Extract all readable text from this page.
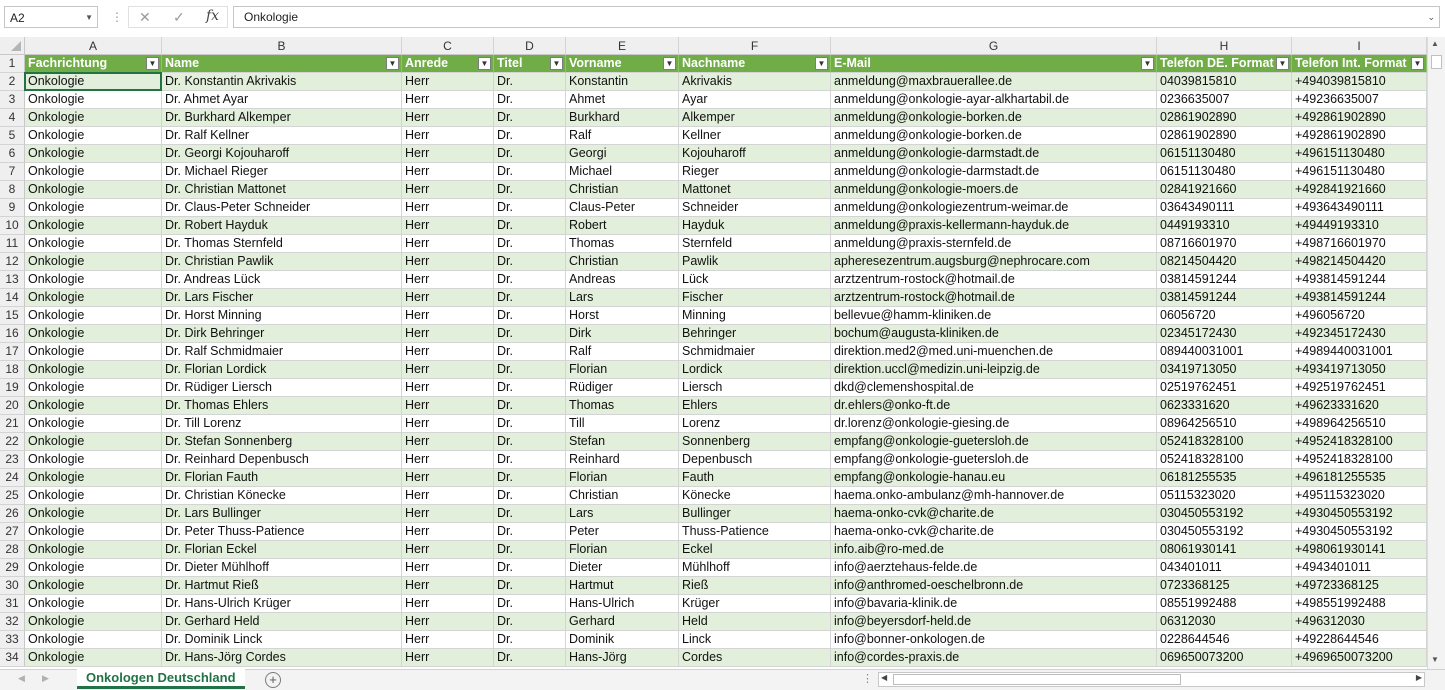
A2	▼ ⋮ ✕ ✓ fx	Onkologie	⌄
A	B	C	D	E	F	G	H	I
1	Fachrichtung	▼ Name	▼ Anrede	▼ Titel	▼ Vorname	▼ Nachname	▼ E-Mail	▼ Telefon DE. Format ▼ Telefon Int. Format ▼
2	Onkologie	Dr. Konstantin Akrivakis	Herr	Dr.	Konstantin	Akrivakis	anmeldung@maxbrauerallee.de	04039815810	+494039815810
3	Onkologie	Dr. Ahmet Ayar	Herr	Dr.	Ahmet	Ayar	anmeldung@onkologie-ayar-alkhartabil.de	0236635007	+49236635007
4	Onkologie	Dr. Burkhard Alkemper	Herr	Dr.	Burkhard	Alkemper	anmeldung@onkologie-borken.de	02861902890	+492861902890
5	Onkologie	Dr. Ralf Kellner	Herr	Dr.	Ralf	Kellner	anmeldung@onkologie-borken.de	02861902890	+492861902890
6	Onkologie	Dr. Georgi Kojouharoff	Herr	Dr.	Georgi	Kojouharoff	anmeldung@onkologie-darmstadt.de	06151130480	+496151130480
7	Onkologie	Dr. Michael Rieger	Herr	Dr.	Michael	Rieger	anmeldung@onkologie-darmstadt.de	06151130480	+496151130480
8	Onkologie	Dr. Christian Mattonet	Herr	Dr.	Christian	Mattonet	anmeldung@onkologie-moers.de	02841921660	+492841921660
9	Onkologie	Dr. Claus-Peter Schneider	Herr	Dr.	Claus-Peter	Schneider	anmeldung@onkologiezentrum-weimar.de	03643490111	+493643490111
10 Onkologie	Dr. Robert Hayduk	Herr	Dr.	Robert	Hayduk	anmeldung@praxis-kellermann-hayduk.de	0449193310	+49449193310
11 Onkologie	Dr. Thomas Sternfeld	Herr	Dr.	Thomas	Sternfeld	anmeldung@praxis-sternfeld.de	08716601970	+498716601970
12 Onkologie	Dr. Christian Pawlik	Herr	Dr.	Christian	Pawlik	apheresezentrum.augsburg@nephrocare.com	08214504420	+498214504420
13 Onkologie	Dr. Andreas Lück	Herr	Dr.	Andreas	Lück	arztzentrum-rostock@hotmail.de	03814591244	+493814591244
14 Onkologie	Dr. Lars Fischer	Herr	Dr.	Lars	Fischer	arztzentrum-rostock@hotmail.de	03814591244	+493814591244
15 Onkologie	Dr. Horst Minning	Herr	Dr.	Horst	Minning	bellevue@hamm-kliniken.de	06056720	+496056720
16 Onkologie	Dr. Dirk Behringer	Herr	Dr.	Dirk	Behringer	bochum@augusta-kliniken.de	02345172430	+492345172430
17 Onkologie	Dr. Ralf Schmidmaier	Herr	Dr.	Ralf	Schmidmaier	direktion.med2@med.uni-muenchen.de	089440031001	+4989440031001
18 Onkologie	Dr. Florian Lordick	Herr	Dr.	Florian	Lordick	direktion.uccl@medizin.uni-leipzig.de	03419713050	+493419713050
19 Onkologie	Dr. Rüdiger Liersch	Herr	Dr.	Rüdiger	Liersch	dkd@clemenshospital.de	02519762451	+492519762451
20 Onkologie	Dr. Thomas Ehlers	Herr	Dr.	Thomas	Ehlers	dr.ehlers@onko-ft.de	0623331620	+49623331620
21 Onkologie	Dr. Till Lorenz	Herr	Dr.	Till	Lorenz	dr.lorenz@onkologie-giesing.de	08964256510	+498964256510
22 Onkologie	Dr. Stefan Sonnenberg	Herr	Dr.	Stefan	Sonnenberg	empfang@onkologie-guetersloh.de	052418328100	+4952418328100
23 Onkologie	Dr. Reinhard Depenbusch	Herr	Dr.	Reinhard	Depenbusch	empfang@onkologie-guetersloh.de	052418328100	+4952418328100
24 Onkologie	Dr. Florian Fauth	Herr	Dr.	Florian	Fauth	empfang@onkologie-hanau.eu	06181255535	+496181255535
25 Onkologie	Dr. Christian Könecke	Herr	Dr.	Christian	Könecke	haema.onko-ambulanz@mh-hannover.de	05115323020	+495115323020
26 Onkologie	Dr. Lars Bullinger	Herr	Dr.	Lars	Bullinger	haema-onko-cvk@charite.de	030450553192	+4930450553192
27 Onkologie	Dr. Peter Thuss-Patience	Herr	Dr.	Peter	Thuss-Patience	haema-onko-cvk@charite.de	030450553192	+4930450553192
28 Onkologie	Dr. Florian Eckel	Herr	Dr.	Florian	Eckel	info.aib@ro-med.de	08061930141	+498061930141
29 Onkologie	Dr. Dieter Mühlhoff	Herr	Dr.	Dieter	Mühlhoff	info@aerztehaus-felde.de	043401011	+4943401011
30 Onkologie	Dr. Hartmut Rieß	Herr	Dr.	Hartmut	Rieß	info@anthromed-oeschelbronn.de	0723368125	+49723368125
31 Onkologie	Dr. Hans-Ulrich Krüger	Herr	Dr.	Hans-Ulrich	Krüger	info@bavaria-klinik.de	08551992488	+498551992488
32 Onkologie	Dr. Gerhard Held	Herr	Dr.	Gerhard	Held	info@beyersdorf-held.de	06312030	+496312030
33 Onkologie	Dr. Dominik Linck	Herr	Dr.	Dominik	Linck	info@bonner-onkologen.de	0228644546	+49228644546
34 Onkologie	Dr. Hans-Jörg Cordes	Herr	Dr.	Hans-Jörg	Cordes	info@cordes-praxis.de	069650073200	+4969650073200
▲
▼
◀ ▶	Onkologen Deutschland	+	⋮ ◀	▶
